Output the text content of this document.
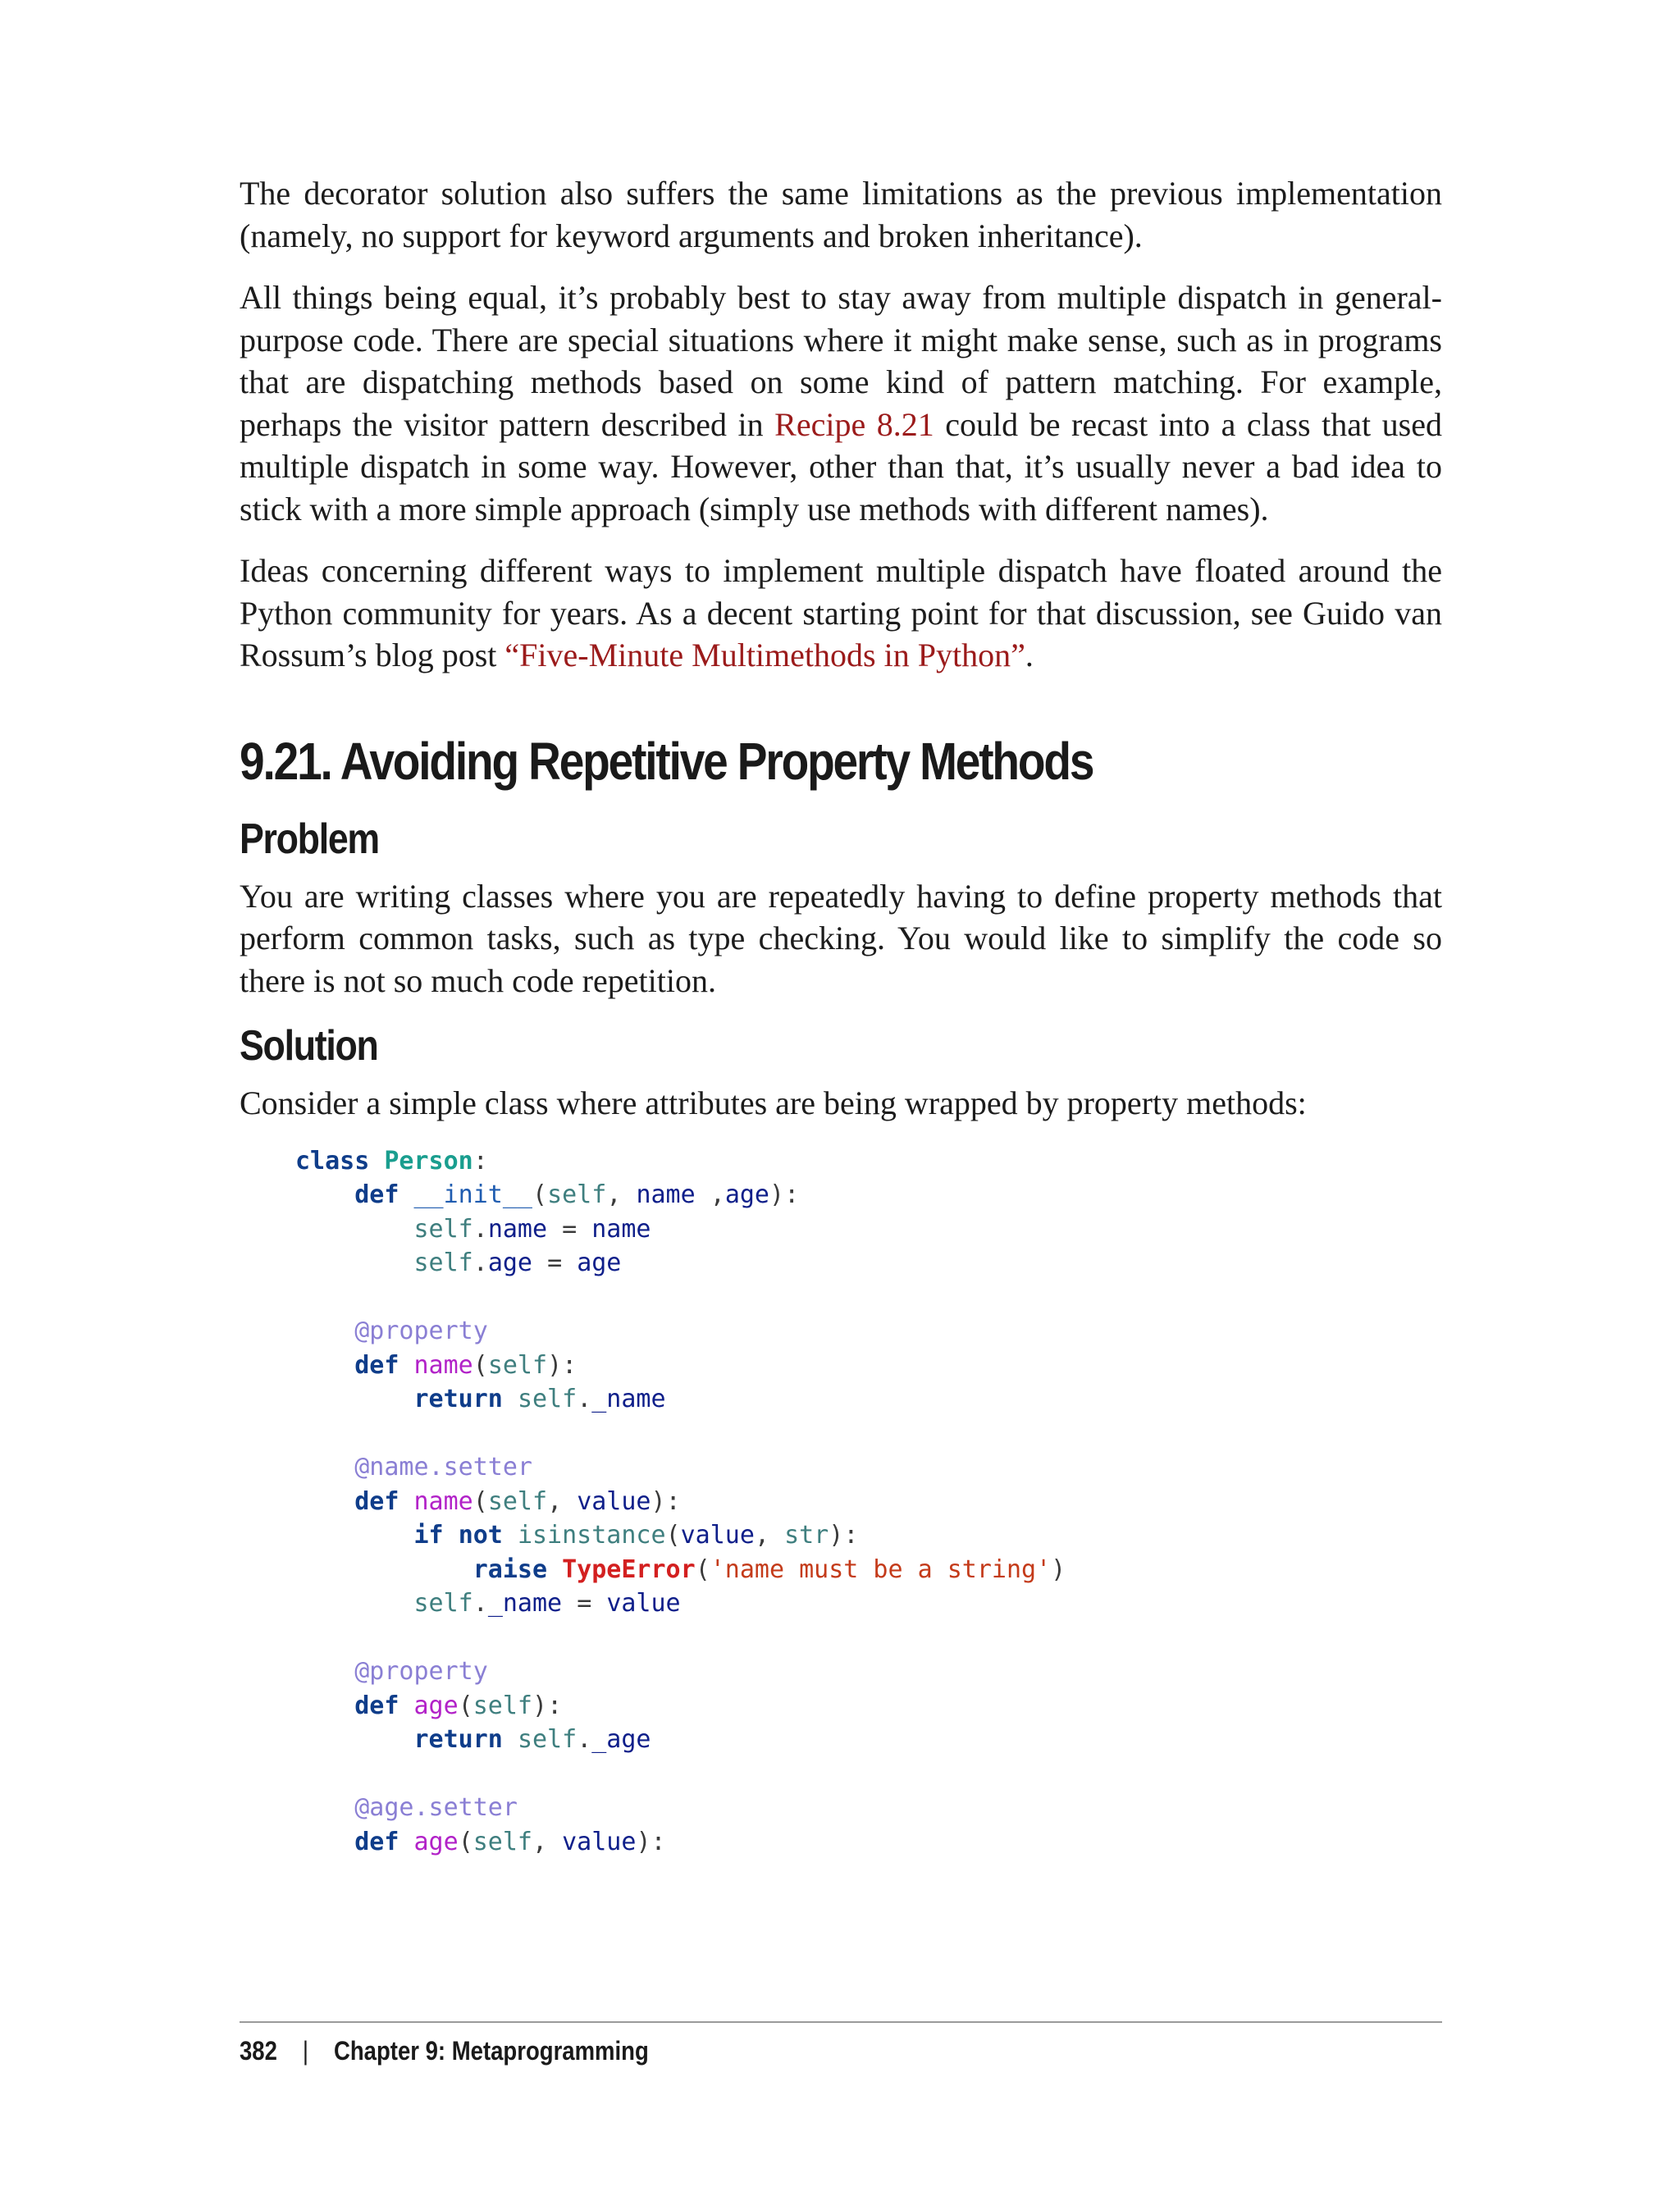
The decorator solution also suffers the same limitations as the previous implementation (namely, no support for keyword arguments and broken inheritance).

All things being equal, it’s probably best to stay away from multiple dispatch in general-purpose code. There are special situations where it might make sense, such as in programs that are dispatching methods based on some kind of pattern matching. For example, perhaps the visitor pattern described in Recipe 8.21 could be recast into a class that used multiple dispatch in some way. However, other than that, it’s usually never a bad idea to stick with a more simple approach (simply use methods with different names).

Ideas concerning different ways to implement multiple dispatch have floated around the Python community for years. As a decent starting point for that discussion, see Guido van Rossum’s blog post “Five-Minute Multimethods in Python”.

9.21. Avoiding Repetitive Property Methods
Problem

You are writing classes where you are repeatedly having to define property methods that perform common tasks, such as type checking. You would like to simplify the code so there is not so much code repetition.

Solution

Consider a simple class where attributes are being wrapped by property methods:

class Person:
def __init__(self, name ,age):
self.name = name
self.age = age

@property
def name(self):
return self._name

@name.setter
def name(self, value):
if not isinstance(value, str):
raise TypeError('name must be a string')
self._name = value

@property
def age(self):
return self._age

@age.setter
def age(self, value):
382 | Chapter 9: Metaprogramming
